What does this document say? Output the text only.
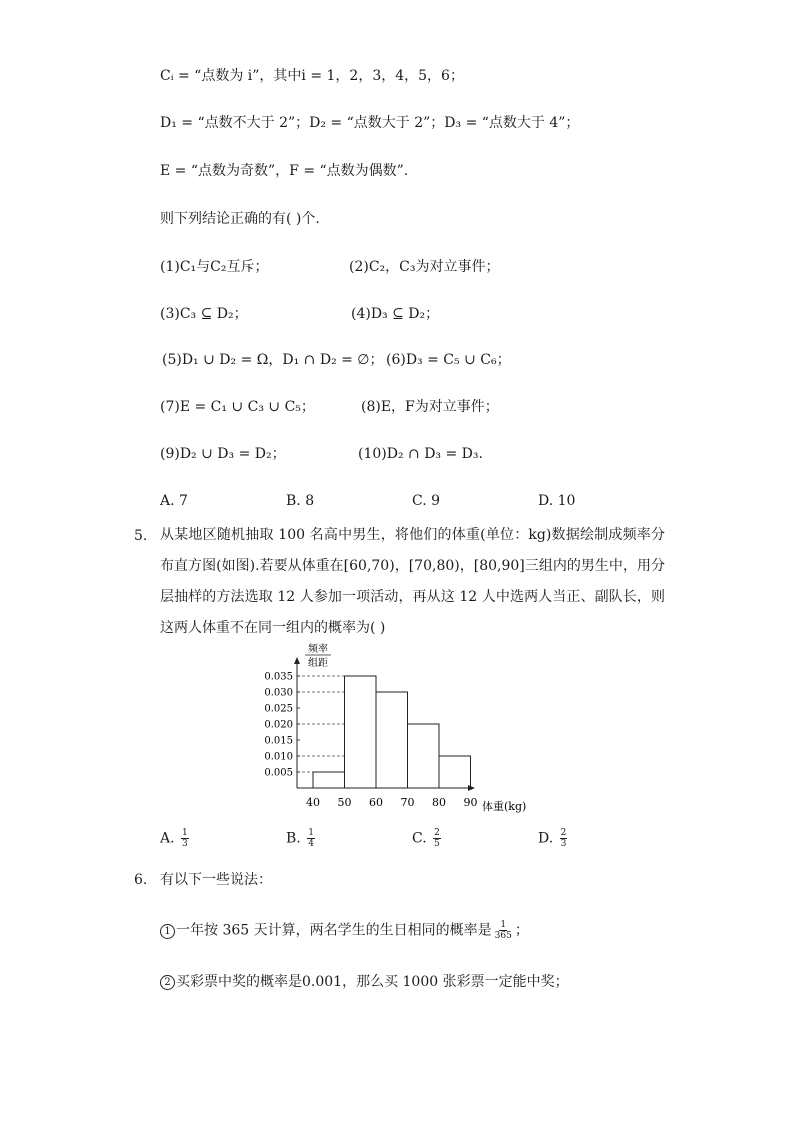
Cᵢ = “点数为 i”，其中i = 1，2，3，4，5，6；
D₁ = “点数不大于 2”；D₂ = “点数大于 2”；D₃ = “点数大于 4”；
E = “点数为奇数”，F = “点数为偶数”.
则下列结论正确的有( )个.
(1)C₁与C₂互斥；	(2)C₂，C₃为对立事件；
(3)C₃ ⊆ D₂；	(4)D₃ ⊆ D₂；
(5)D₁ ∪ D₂ = Ω，D₁ ∩ D₂ = ∅； (6)D₃ = C₅ ∪ C₆；
(7)E = C₁ ∪ C₃ ∪ C₅；	(8)E，F为对立事件；
(9)D₂ ∪ D₃ = D₂；	(10)D₂ ∩ D₃ = D₃.
A. 7	B. 8	C. 9	D. 10
5. 从某地区随机抽取 100 名高中男生，将他们的体重(单位：kg)数据绘制成频率分布直方图(如图).若要从体重在[60,70)，[70,80)，[80,90]三组内的男生中，用分层抽样的方法选取 12 人参加一项活动，再从这 12 人中选两人当正、副队长，则这两人体重不在同一组内的概率为( )
频率
组距
0.005
0.010
0.015
0.020
0.025
0.030
0.035
40 50 60 70 80 90 体重(kg)
A. $\frac{1}{3}$	B. $\frac{1}{4}$	C. $\frac{2}{5}$	D. $\frac{2}{3}$
6. 有以下一些说法：
1 一年按 365 天计算，两名学生的生日相同的概率是 $\frac{1}{365}$ ；
2 买彩票中奖的概率是0.001，那么买 1000 张彩票一定能中奖；
